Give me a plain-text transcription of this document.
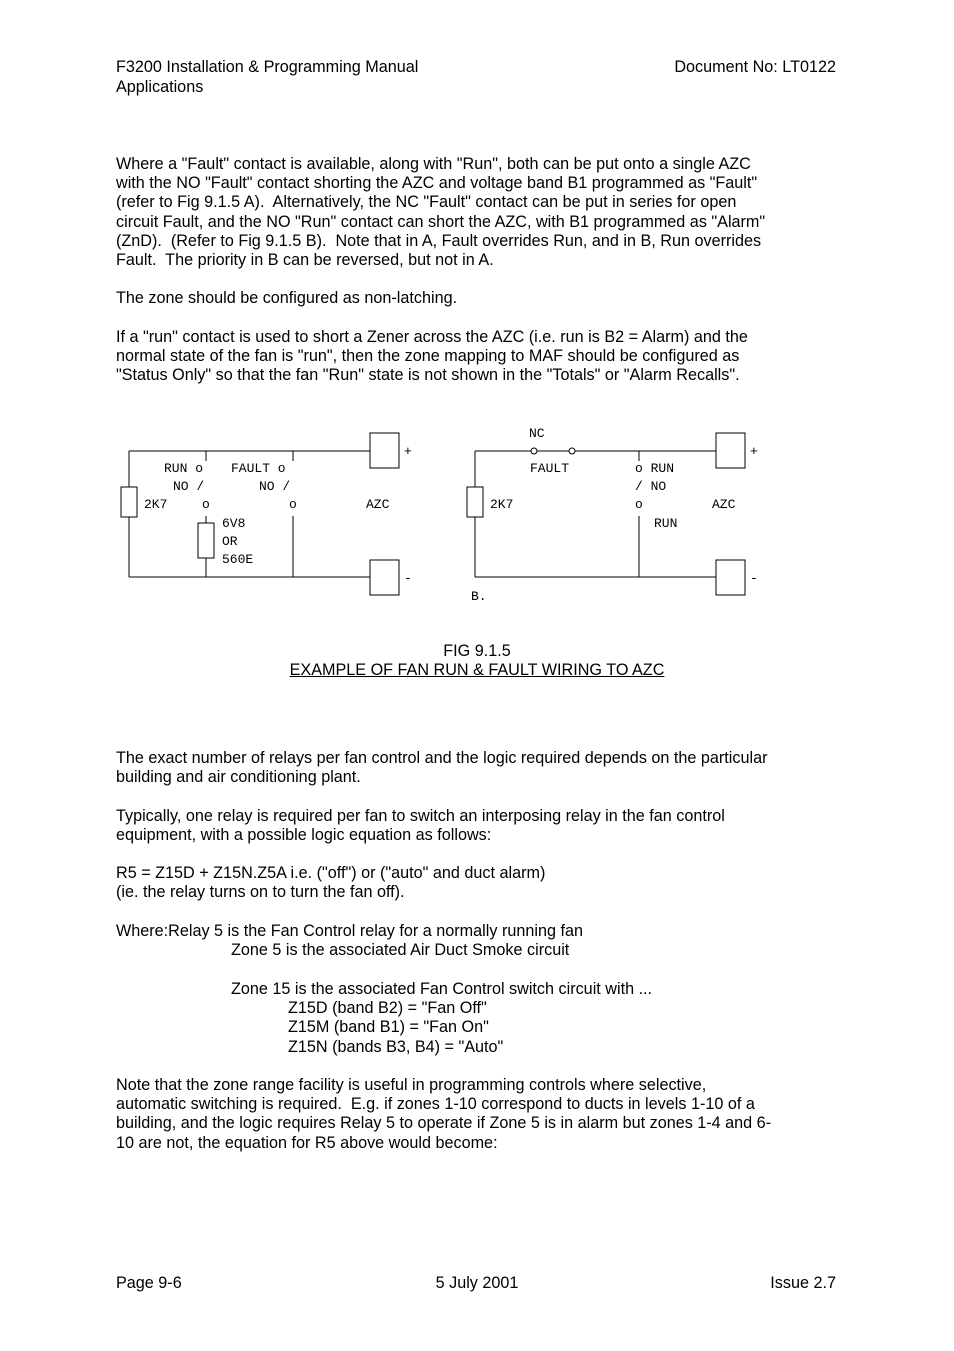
F3200 Installation & Programming Manual
Applications
Document No: LT0122
Where a "Fault" contact is available, along with "Run", both can be put onto a single AZC
with the NO "Fault" contact shorting the AZC and voltage band B1 programmed as "Fault"
(refer to Fig 9.1.5 A).  Alternatively, the NC "Fault" contact can be put in series for open
circuit Fault, and the NO "Run" contact can short the AZC, with B1 programmed as "Alarm"
(ZnD).  (Refer to Fig 9.1.5 B).  Note that in A, Fault overrides Run, and in B, Run overrides
Fault.  The priority in B can be reversed, but not in A.
The zone should be configured as non-latching.
If a "run" contact is used to short a Zener across the AZC (i.e. run is B2 = Alarm) and the
normal state of the fan is "run", then the zone mapping to MAF should be configured as
"Status Only" so that the fan "Run" state is not shown in the "Totals" or "Alarm Recalls".
RUN o
NO /
o
FAULT o
NO /
o
2K7
6V8
OR
560E
AZC
+
-
NC
FAULT	o RUN
/ NO
o
RUN
2K7	AZC
+
-
B.
FIG 9.1.5
EXAMPLE OF FAN RUN & FAULT WIRING TO AZC
The exact number of relays per fan control and the logic required depends on the particular
building and air conditioning plant.
Typically, one relay is required per fan to switch an interposing relay in the fan control
equipment, with a possible logic equation as follows:
R5 = Z15D + Z15N.Z5A i.e. ("off") or ("auto" and duct alarm)
(ie. the relay turns on to turn the fan off).
Where:Relay 5 is the Fan Control relay for a normally running fan
Zone 5 is the associated Air Duct Smoke circuit
Zone 15 is the associated Fan Control switch circuit with ...
Z15D (band B2) = "Fan Off"
Z15M (band B1) = "Fan On"
Z15N (bands B3, B4) = "Auto"
Note that the zone range facility is useful in programming controls where selective,
automatic switching is required.  E.g. if zones 1-10 correspond to ducts in levels 1-10 of a
building, and the logic requires Relay 5 to operate if Zone 5 is in alarm but zones 1-4 and 6-
10 are not, the equation for R5 above would become:
Page 9-6	5 July 2001	Issue 2.7
